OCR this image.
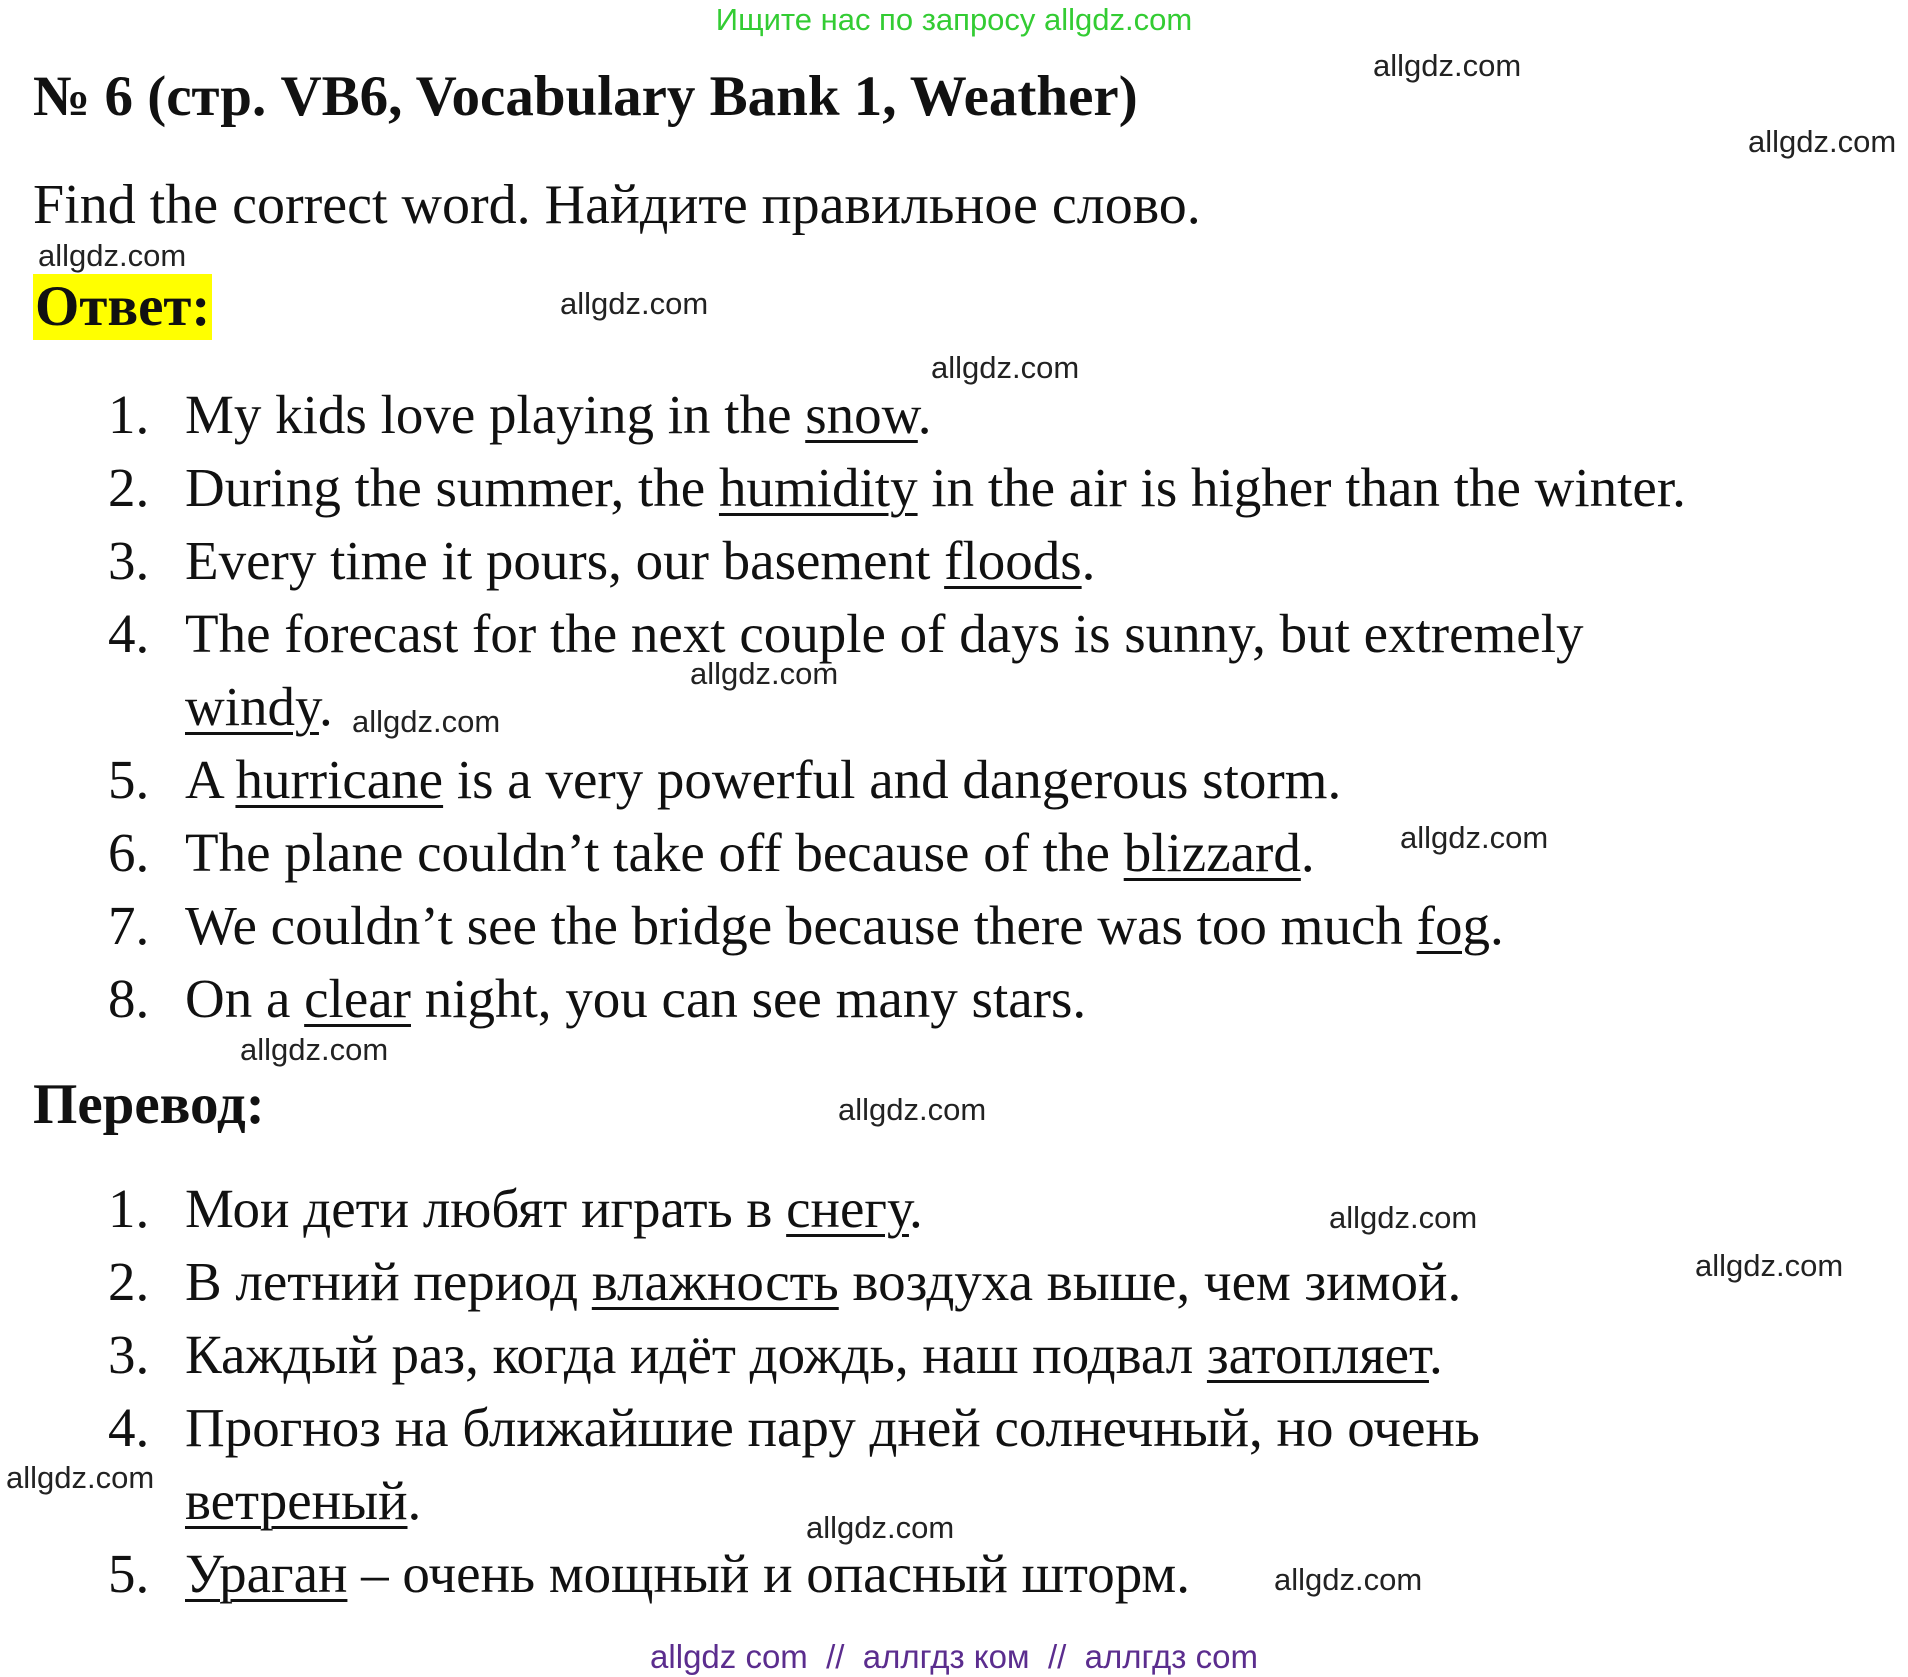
Ищите нас по запросу allgdz.com
№ 6 (стр. VB6, Vocabulary Bank 1, Weather)

Find the correct word. Найдите правильное слово.

Ответ:
1. My kids love playing in the snow.
2. During the summer, the humidity in the air is higher than the winter.
3. Every time it pours, our basement floods.
4. The forecast for the next couple of days is sunny, but extremely
windy.
5. A hurricane is a very powerful and dangerous storm.
6. The plane couldn’t take off because of the blizzard.
7. We couldn’t see the bridge because there was too much fog.
8. On a clear night, you can see many stars.
Перевод:
1. Мои дети любят играть в снегу.
2. В летний период влажность воздуха выше, чем зимой.
3. Каждый раз, когда идёт дождь, наш подвал затопляет.
4. Прогноз на ближайшие пару дней солнечный, но очень
ветреный.
5. Ураган – очень мощный и опасный шторм.
allgdz.com
allgdz.com
allgdz.com
allgdz.com
allgdz.com
allgdz.com
allgdz.com
allgdz.com
allgdz.com
allgdz.com
allgdz.com
allgdz.com
allgdz.com
allgdz.com
allgdz.com
allgdz com  //  аллгдз ком  //  аллгдз com
